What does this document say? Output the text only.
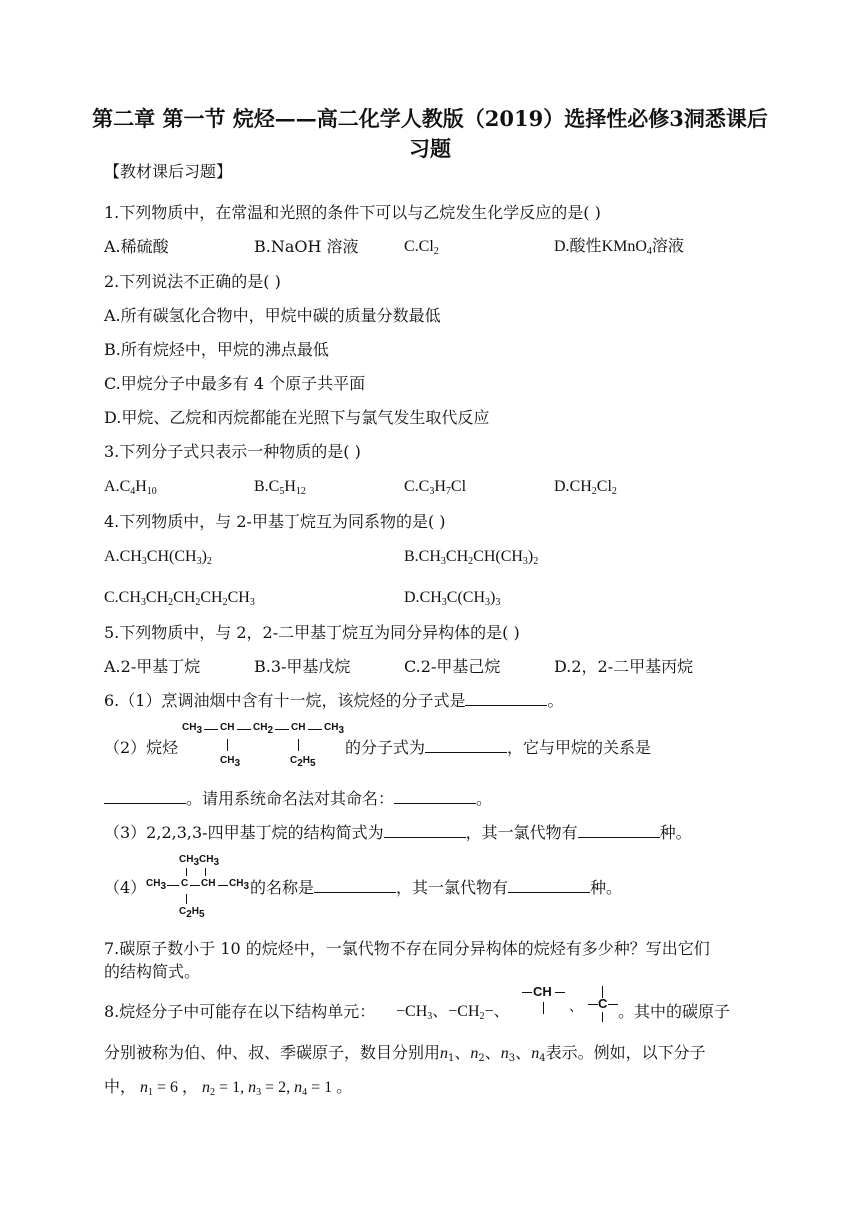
第二章 第一节 烷烃——高二化学人教版（2019）选择性必修3洞悉课后习题
【教材课后习题】
1.下列物质中，在常温和光照的条件下可以与乙烷发生化学反应的是( )
A.稀硫酸	B.NaOH 溶液	$C.Cl_2$	D.酸性KMnO$_4$溶液
2.下列说法不正确的是( )
A.所有碳氢化合物中，甲烷中碳的质量分数最低
B.所有烷烃中，甲烷的沸点最低
C.甲烷分子中最多有 4 个原子共平面
D.甲烷、乙烷和丙烷都能在光照下与氯气发生取代反应
3.下列分子式只表示一种物质的是( )
$A.C_4H_{10}$	$B.C_5H_{12}$	$C.C_3H_7Cl$	$D.CH_2Cl_2$
4.下列物质中，与 2-甲基丁烷互为同系物的是( )
$A.CH_3CH(CH_3)_2$	$B.CH_3CH_2CH(CH_3)_2$
$C.CH_3CH_2CH_2CH_2CH_3$	$D.CH_3C(CH_3)_3$
5.下列物质中，与 2，2-二甲基丁烷互为同分异构体的是( )
A.2-甲基丁烷	B.3-甲基戊烷	C.2-甲基己烷	D.2，2-二甲基丙烷
6.（1）烹调油烟中含有十一烷，该烷烃的分子式是	。
（2）烷烃
$CH_3$ CH $CH_2$ CH $CH_3$
$CH_3$	$C_2H_5$
的分子式为	，它与甲烷的关系是
。请用系统命名法对其命名：	。
（3）2,2,3,3-四甲基丁烷的结构简式为	，其一氯代物有	种。
（4）
$CH_3CH_3$
$CH_3$ C CH $CH_3$
$C_2H_5$
的名称是	，其一氯代物有	种。
7.碳原子数小于 10 的烷烃中，一氯代物不存在同分异构体的烷烃有多少种？写出它们
的结构简式。
8.烷烃分子中可能存在以下结构单元： $-CH_3$、$-CH_2-$、
CH
、 C 。其中的碳原子
分别被称为伯、仲、叔、季碳原子，数目分别用$n_1$、$n_2$、$n_3$、$n_4$表示。例如，以下分子
中， $n_1 = 6$ ， $n_2 = 1$, $n_3 = 2$, $n_4 = 1$ 。
